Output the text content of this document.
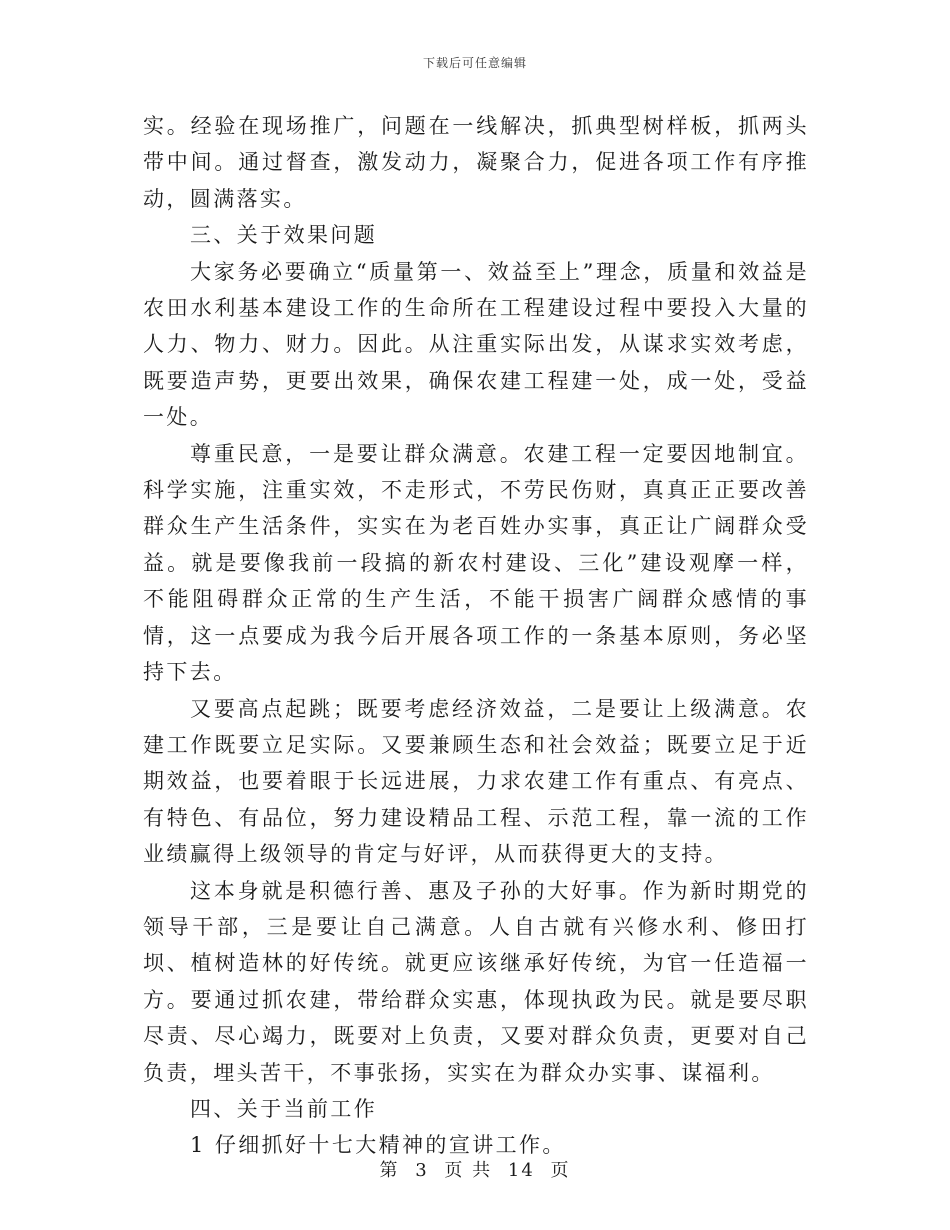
下载后可任意编辑

实。经验在现场推广，问题在一线解决，抓典型树样板，抓两头带中间。通过督查，激发动力，凝聚合力，促进各项工作有序推动，圆满落实。

三、关于效果问题

大家务必要确立“质量第一、效益至上”理念，质量和效益是农田水利基本建设工作的生命所在工程建设过程中要投入大量的人力、物力、财力。因此。从注重实际出发，从谋求实效考虑，既要造声势，更要出效果，确保农建工程建一处，成一处，受益一处。

尊重民意，一是要让群众满意。农建工程一定要因地制宜。科学实施，注重实效，不走形式，不劳民伤财，真真正正要改善群众生产生活条件，实实在为老百姓办实事，真正让广阔群众受益。就是要像我前一段搞的新农村建设、三化”建设观摩一样，不能阻碍群众正常的生产生活，不能干损害广阔群众感情的事情，这一点要成为我今后开展各项工作的一条基本原则，务必坚持下去。

又要高点起跳；既要考虑经济效益，二是要让上级满意。农建工作既要立足实际。又要兼顾生态和社会效益；既要立足于近期效益，也要着眼于长远进展，力求农建工作有重点、有亮点、有特色、有品位，努力建设精品工程、示范工程，靠一流的工作业绩赢得上级领导的肯定与好评，从而获得更大的支持。

这本身就是积德行善、惠及子孙的大好事。作为新时期党的领导干部，三是要让自己满意。人自古就有兴修水利、修田打坝、植树造林的好传统。就更应该继承好传统，为官一任造福一方。要通过抓农建，带给群众实惠，体现执政为民。就是要尽职尽责、尽心竭力，既要对上负责，又要对群众负责，更要对自己负责，埋头苦干，不事张扬，实实在为群众办实事、谋福利。

四、关于当前工作

1 仔细抓好十七大精神的宣讲工作。

第 3 页 共 14 页
